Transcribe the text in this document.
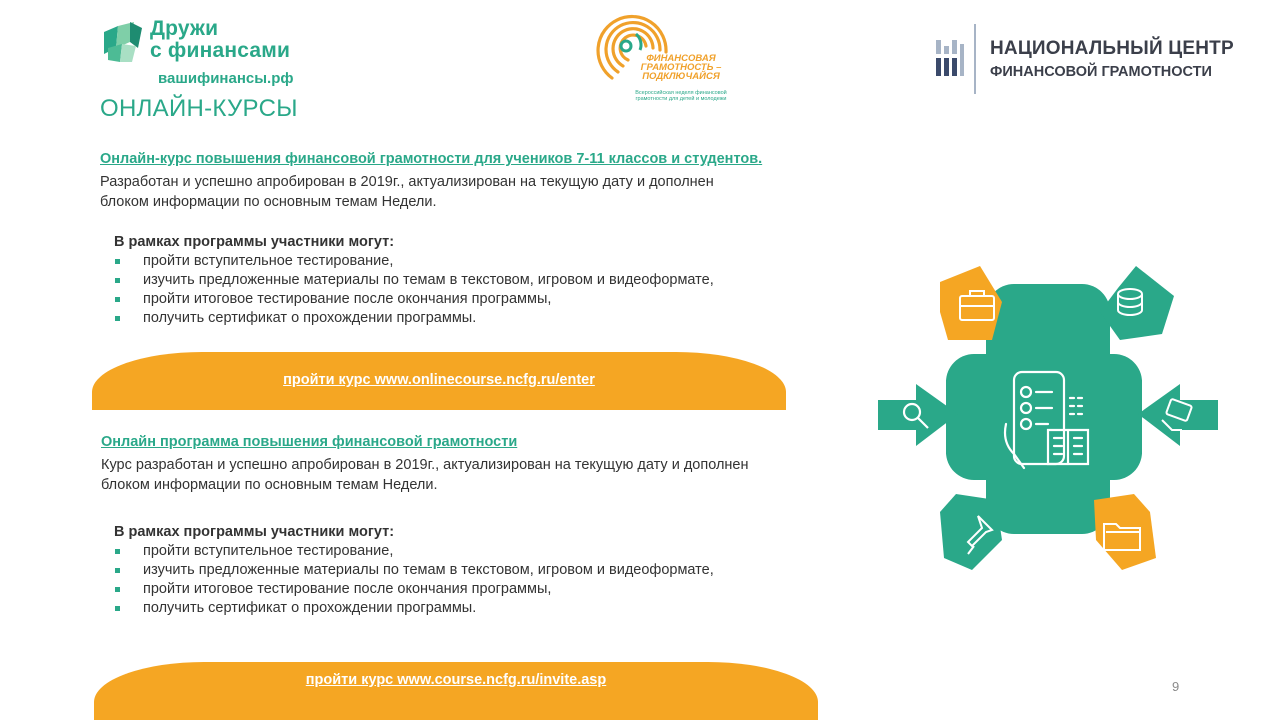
Дружи
с финансами
вашифинансы.рф
ФИНАНСОВАЯ
ГРАМОТНОСТЬ –
ПОДКЛЮЧАЙСЯ
Всероссийская неделя финансовой
грамотности для детей и молодежи
НАЦИОНАЛЬНЫЙ ЦЕНТР
ФИНАНСОВОЙ ГРАМОТНОСТИ
ОНЛАЙН-КУРСЫ
Онлайн-курс повышения финансовой грамотности для учеников 7-11 классов и студентов.
Разработан и успешно апробирован в 2019г., актуализирован на текущую дату и дополнен
блоком информации по основным темам Недели.
В рамках программы участники могут:
пройти вступительное тестирование,
изучить предложенные материалы по темам в текстовом, игровом и видеоформате,
пройти итоговое тестирование после окончания программы,
получить сертификат о прохождении программы.
пройти курс www.onlinecourse.ncfg.ru/enter
Онлайн программа повышения финансовой грамотности
Курс разработан и успешно апробирован в 2019г., актуализирован на текущую дату и дополнен
блоком информации по основным темам Недели.
В рамках программы участники могут:
пройти вступительное тестирование,
изучить предложенные материалы по темам в текстовом, игровом и видеоформате,
пройти итоговое тестирование после окончания программы,
получить сертификат о прохождении программы.
пройти курс www.course.ncfg.ru/invite.asp	9
